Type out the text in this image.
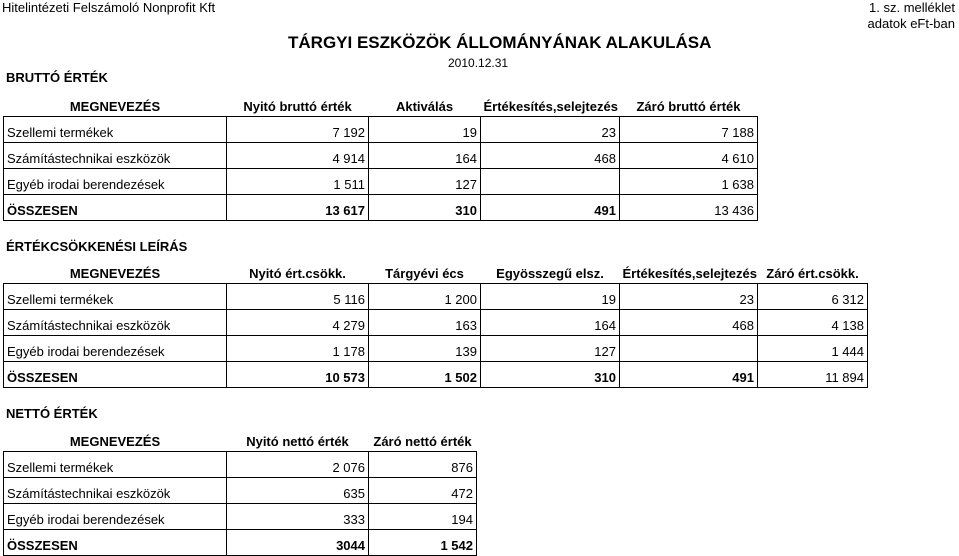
Hitelintézeti Felszámoló Nonprofit Kft	1. sz. melléklet
adatok eFt-ban
TÁRGYI ESZKÖZÖK ÁLLOMÁNYÁNAK ALAKULÁSA
2010.12.31
BRUTTÓ ÉRTÉK
MEGNEVEZÉS	Nyitó bruttó érték	Aktiválás	Értékesítés,selejtezés	Záró bruttó érték
Szellemi termékek	7 192	19	23	7 188
Számítástechnikai eszközök	4 914	164	468	4 610
Egyéb irodai berendezések	1 511	127		1 638
ÖSSZESEN	13 617	310	491	13 436
ÉRTÉKCSÖKKENÉSI LEÍRÁS
MEGNEVEZÉS	Nyitó ért.csökk.	Tárgyévi écs	Egyösszegű elsz.	Értékesítés,selejtezés	Záró ért.csökk.
Szellemi termékek	5 116	1 200	19	23	6 312
Számítástechnikai eszközök	4 279	163	164	468	4 138
Egyéb irodai berendezések	1 178	139	127		1 444
ÖSSZESEN	10 573	1 502	310	491	11 894
NETTÓ ÉRTÉK
MEGNEVEZÉS	Nyitó nettó érték	Záró nettó érték
Szellemi termékek	2 076	876
Számítástechnikai eszközök	635	472
Egyéb irodai berendezések	333	194
ÖSSZESEN	3044	1 542
